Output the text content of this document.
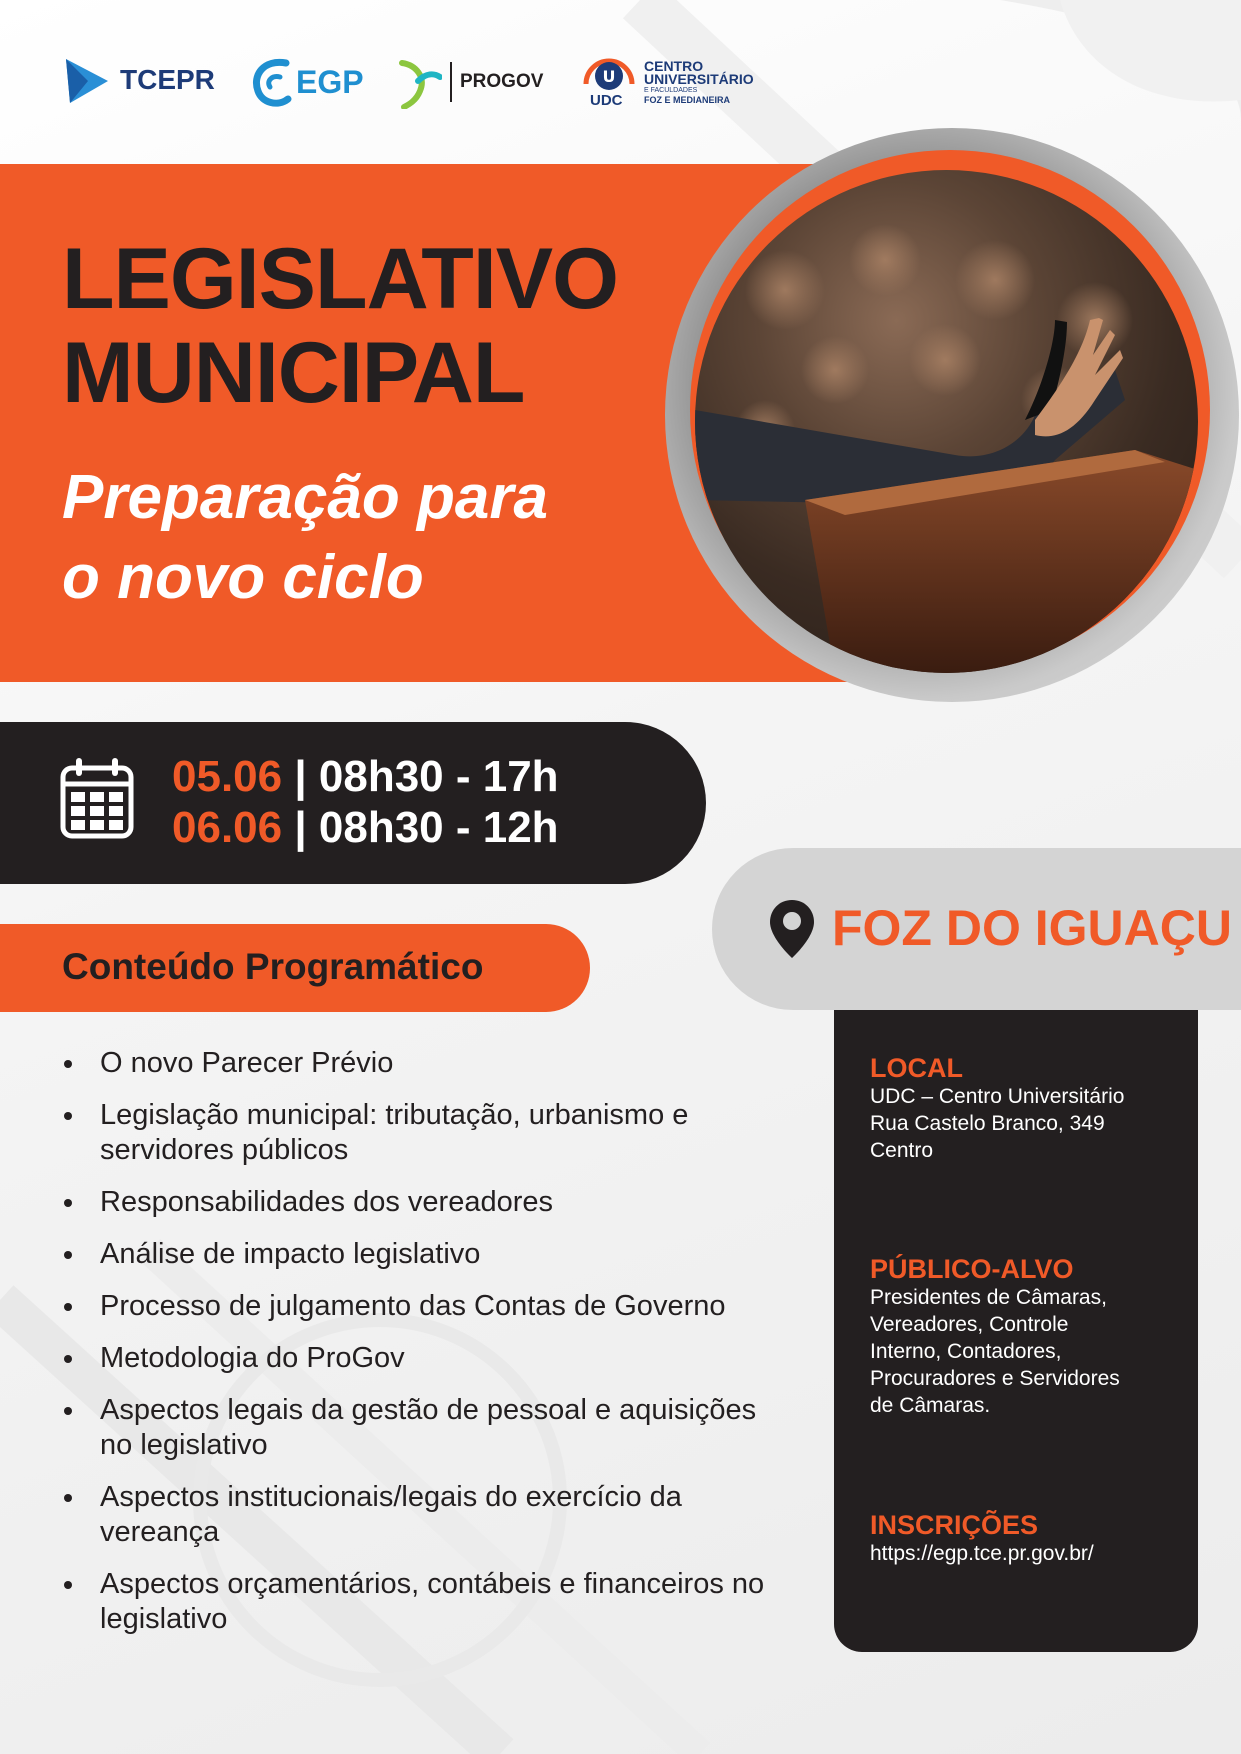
TCEPR	EGP	PROGOV	U
UDC
CENTRO
UNIVERSITÁRIO
E FACULDADES
FOZ E MEDIANEIRA
LEGISLATIVO
MUNICIPAL
Preparação para
o novo ciclo
05.06 | 08h30 - 17h
06.06 | 08h30 - 12h
FOZ DO IGUAÇU
Conteúdo Programático
O novo Parecer Prévio
Legislação municipal: tributação, urbanismo e
servidores públicos
Responsabilidades dos vereadores
Análise de impacto legislativo
Processo de julgamento das Contas de Governo
Metodologia do ProGov
Aspectos legais da gestão de pessoal e aquisições
no legislativo
Aspectos institucionais/legais do exercício da
vereança
Aspectos orçamentários, contábeis e financeiros no
legislativo
LOCAL
UDC – Centro Universitário
Rua Castelo Branco, 349
Centro
PÚBLICO-ALVO
Presidentes de Câmaras,
Vereadores, Controle
Interno, Contadores,
Procuradores e Servidores
de Câmaras.
INSCRIÇÕES
https://egp.tce.pr.gov.br/
